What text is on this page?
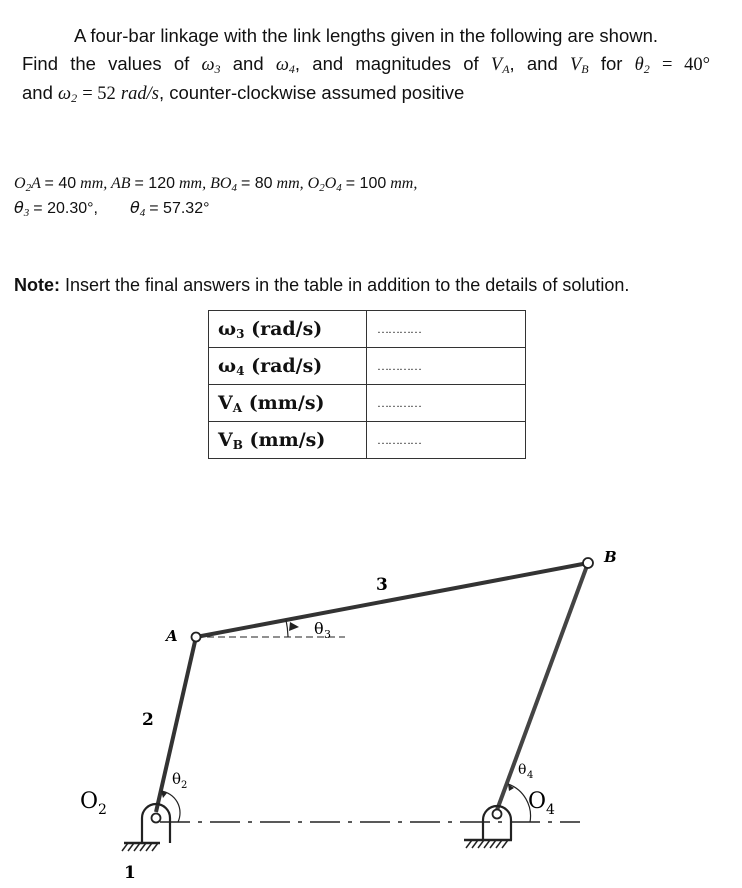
A four-bar linkage with the link lengths given in the following are shown.
Find the values of $\omega_3$ and $\omega_4$, and magnitudes of $V_A$, and $V_B$ for $\theta_2 = 40^\circ$
and $\omega_2 = 52$ rad/s, counter-clockwise assumed positive
$O_2A = 40$ mm, AB = 120 mm, $BO_4 = 80$ mm, $O_2O_4 = 100$ mm,
$\theta_3 = 20.30^\circ$, $\theta_4 = 57.32^\circ$
Note: Insert the final answers in the table in addition to the details of solution.
$\omega_3$ (rad/s)	…………
$\omega_4$ (rad/s)	…………
$V_A$ (mm/s)	…………
$V_B$ (mm/s)	…………
A
B
3
2
1
O 2	O 4
θ 2
θ 3
θ 4
